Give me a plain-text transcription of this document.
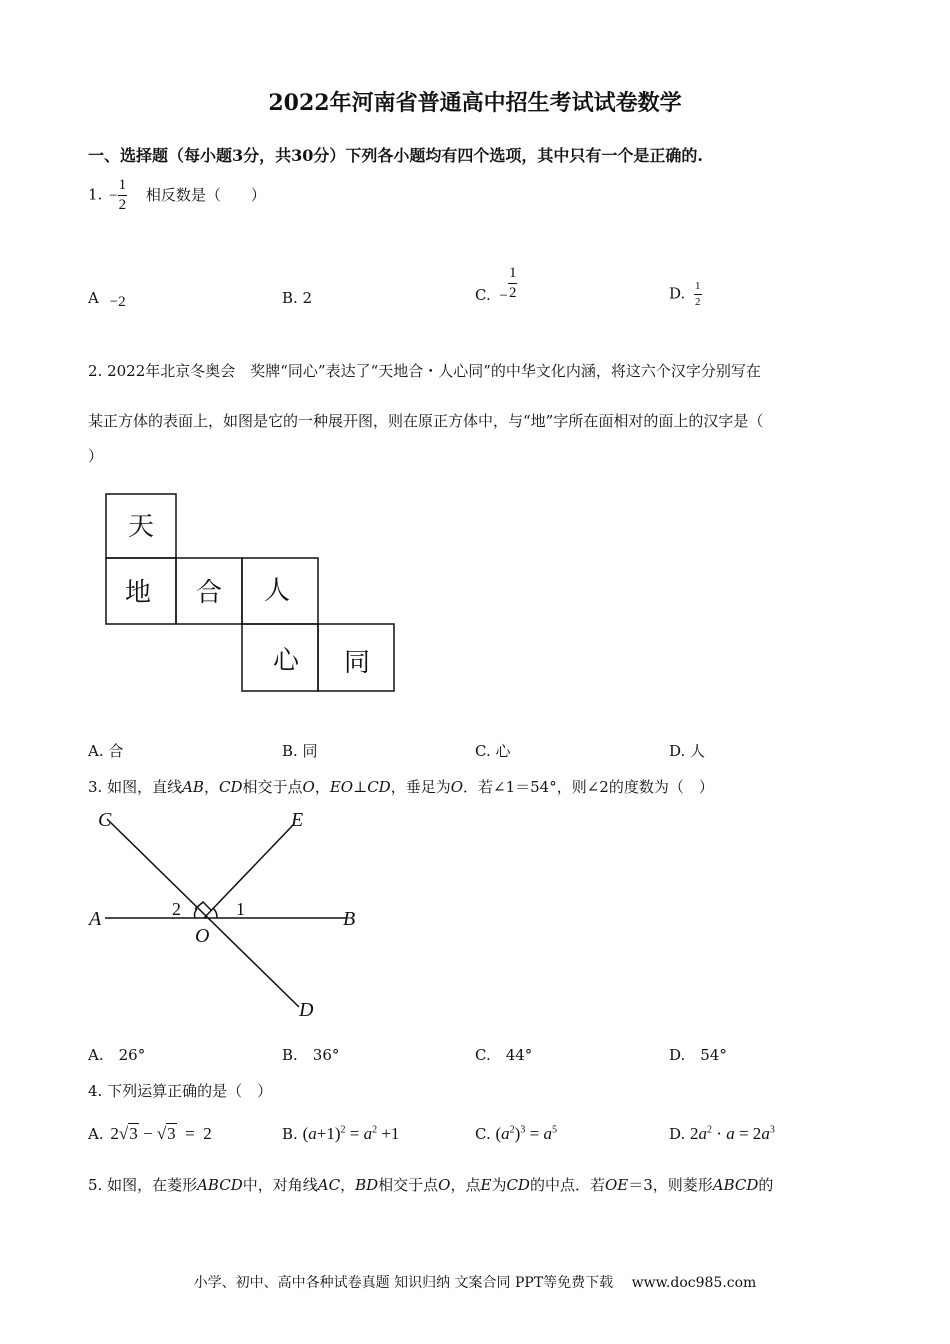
2022年河南省普通高中招生考试试卷数学
一、选择题（每小题3分，共30分）下列各小题均有四个选项，其中只有一个是正确的.
1. − $\frac{1}{2}$ 相反数是（　　）
A −2	B. 2	C. − $\frac{1}{2}$	D. $\frac{1}{2}$
2. 2022年北京冬奥会　奖牌“同心”表达了“天地合・人心同”的中华文化内涵，将这六个汉字分别写在
某正方体的表面上，如图是它的一种展开图，则在原正方体中，与“地”字所在面相对的面上的汉字是（
）
天
地 合 人
心 同
A. 合	B. 同	C. 心	D. 人
3. 如图，直线AB，CD相交于点O，EO⊥CD，垂足为O．若∠1＝54°，则∠2的度数为（　）
C	E
A	B
O
D
2	1
A.　26°	B.　36°	C.　44°	D.　54°
4. 下列运算正确的是（　）
A. 2√3 − √3  =  2	B. $(a+1)^2 = a^2 +1$	C. $(a^2)^3 = a^5$	D. $2a^2 \cdot a = 2a^3$
5. 如图，在菱形ABCD中，对角线AC，BD相交于点O，点E为CD的中点．若OE＝3，则菱形ABCD的
小学、初中、高中各种试卷真题 知识归纳 文案合同 PPT等免费下载　 www.doc985.com
